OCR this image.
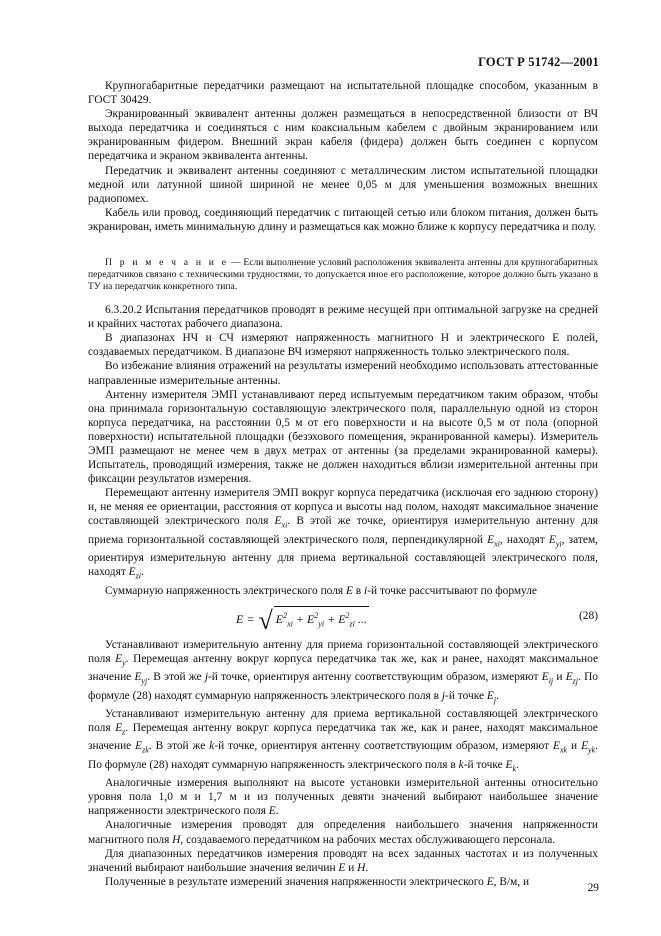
ГОСТ Р 51742—2001

Крупногабаритные передатчики размещают на испытательной площадке способом, указанным в ГОСТ 30429.

Экранированный эквивалент антенны должен размещаться в непосредственной близости от ВЧ выхода передатчика и соединяться с ним коаксиальным кабелем с двойным экранированием или экранированным фидером. Внешний экран кабеля (фидера) должен быть соединен с корпусом передатчика и экраном эквивалента антенны.

Передатчик и эквивалент антенны соединяют с металлическим листом испытательной площадки медной или латунной шиной шириной не менее 0,05 м для уменьшения возможных внешних радиопомех.

Кабель или провод, соединяющий передатчик с питающей сетью или блоком питания, должен быть экранирован, иметь минимальную длину и размещаться как можно ближе к корпусу передатчика и полу.

П р и м е ч а н и е — Если выполнение условий расположения эквивалента антенны для крупногабаритных передатчиков связано с техническими трудностями, то допускается иное его расположение, которое должно быть указано в ТУ на передатчик конкретного типа.

6.3.20.2 Испытания передатчиков проводят в режиме несущей при оптимальной загрузке на средней и крайних частотах рабочего диапазона.

В диапазонах НЧ и СЧ измеряют напряженность магнитного H и электрического E полей, создаваемых передатчиком. В диапазоне ВЧ измеряют напряженность только электрического поля.

Во избежание влияния отражений на результаты измерений необходимо использовать аттестованные направленные измерительные антенны.

Антенну измерителя ЭМП устанавливают перед испытуемым передатчиком таким образом, чтобы она принимала горизонтальную составляющую электрического поля, параллельную одной из сторон корпуса передатчика, на расстоянии 0,5 м от его поверхности и на высоте 0,5 м от пола (опорной поверхности) испытательной площадки (безэхового помещения, экранированной камеры). Измеритель ЭМП размещают не менее чем в двух метрах от антенны (за пределами экранированной камеры). Испытатель, проводящий измерения, также не должен находиться вблизи измерительной антенны при фиксации результатов измерения.

Перемещают антенну измерителя ЭМП вокруг корпуса передатчика (исключая его заднюю сторону) и, не меняя ее ориентации, расстояния от корпуса и высоты над полом, находят максимальное значение составляющей электрического поля $E_{xi}$. В этой же точке, ориентируя измерительную антенну для приема горизонтальной составляющей электрического поля, перпендикулярной $E_{xi}$, находят $E_{yi}$, затем, ориентируя измерительную антенну для приема вертикальной составляющей электрического поля, находят $E_{zi}$.

Суммарную напряженность электрического поля E в i-й точке рассчитывают по формуле

E = √ $E^2_{xi} + E^2_{yi} + E^2_{zi}$ ...	(28)

Устанавливают измерительную антенну для приема горизонтальной составляющей электрического поля $E_y$. Перемещая антенну вокруг корпуса передатчика так же, как и ранее, находят максимальное значение $E_{yj}$. В этой же j-й точке, ориентируя антенну соответствующим образом, измеряют $E_{ij}$ и $E_{zj}$. По формуле (28) находят суммарную напряженность электрического поля в j-й точке $E_j$.

Устанавливают измерительную антенну для приема вертикальной составляющей электрического поля $E_z$. Перемещая антенну вокруг корпуса передатчика так же, как и ранее, находят максимальное значение $E_{zk}$. В этой же k-й точке, ориентируя антенну соответствующим образом, измеряют $E_{xk}$ и $E_{yk}$. По формуле (28) находят суммарную напряженность электрического поля в k-й точке $E_k$.

Аналогичные измерения выполняют на высоте установки измерительной антенны относительно уровня пола 1,0 м и 1,7 м и из полученных девяти значений выбирают наибольшее значение напряженности электрического поля E.

Аналогичные измерения проводят для определения наибольшего значения напряженности магнитного поля H, создаваемого передатчиком на рабочих местах обслуживающего персонала.

Для диапазонных передатчиков измерения проводят на всех заданных частотах и из полученных значений выбирают наибольшие значения величин E и H.

Полученные в результате измерений значения напряженности электрического E, В/м, и

29
